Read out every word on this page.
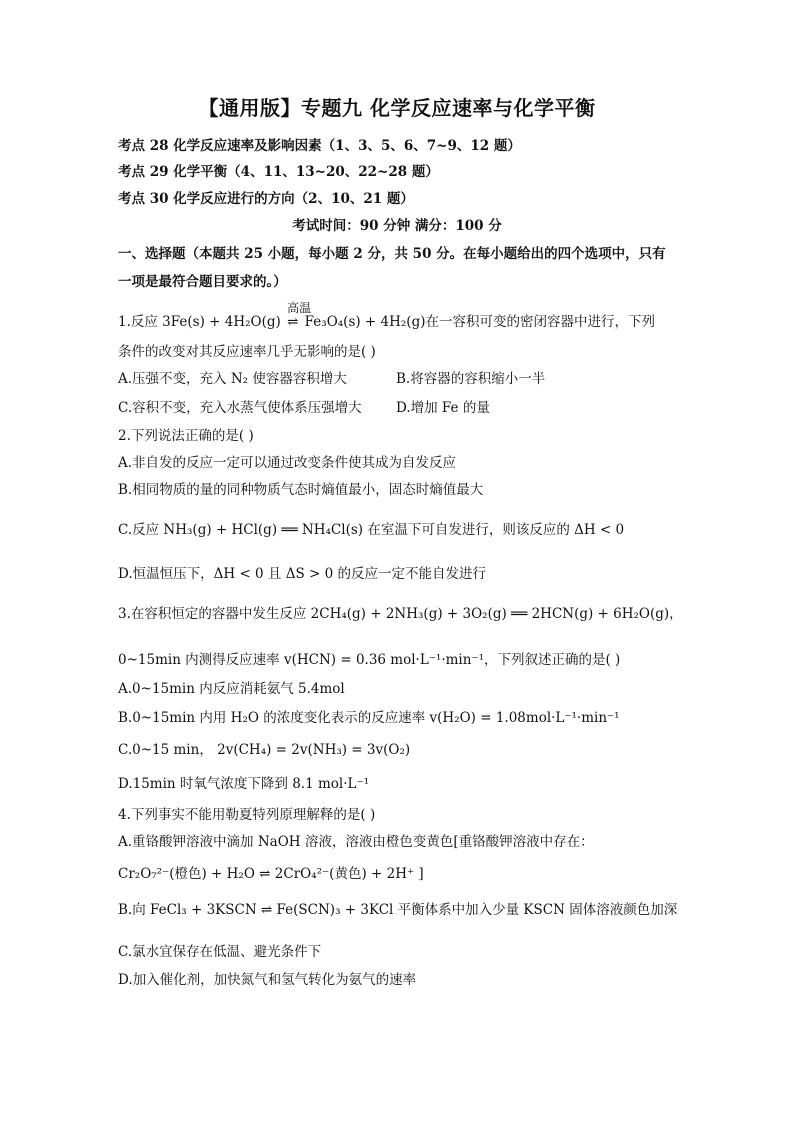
【通用版】专题九 化学反应速率与化学平衡
考点 28 化学反应速率及影响因素（1、3、5、6、7~9、12 题）
考点 29 化学平衡（4、11、13~20、22~28 题）
考点 30 化学反应进行的方向（2、10、21 题）
考试时间：90 分钟 满分：100 分
一、选择题（本题共 25 小题，每小题 2 分，共 50 分。在每小题给出的四个选项中，只有
一项是最符合题目要求的。）
1.反应 3Fe(s) + 4H₂O(g)
高温
⇌ Fe₃O₄(s) + 4H₂(g)在一容积可变的密闭容器中进行，下列
条件的改变对其反应速率几乎无影响的是( )
A.压强不变，充入 N₂ 使容器容积增大	B.将容器的容积缩小一半
C.容积不变，充入水蒸气使体系压强增大	D.增加 Fe 的量
2.下列说法正确的是( )
A.非自发的反应一定可以通过改变条件使其成为自发反应
B.相同物质的量的同种物质气态时熵值最小，固态时熵值最大
C.反应 NH₃(g) + HCl(g) ══ NH₄Cl(s) 在室温下可自发进行，则该反应的 ΔH < 0
D.恒温恒压下，ΔH < 0 且 ΔS > 0 的反应一定不能自发进行
3.在容积恒定的容器中发生反应 2CH₄(g) + 2NH₃(g) + 3O₂(g) ══ 2HCN(g) + 6H₂O(g)，
0~15min 内测得反应速率 v(HCN) = 0.36 mol·L⁻¹·min⁻¹，下列叙述正确的是( )
A.0~15min 内反应消耗氨气 5.4mol
B.0~15min 内用 H₂O 的浓度变化表示的反应速率 v(H₂O) = 1.08mol·L⁻¹·min⁻¹
C.0~15 min， 2v(CH₄) = 2v(NH₃) = 3v(O₂)
D.15min 时氧气浓度下降到 8.1 mol·L⁻¹
4.下列事实不能用勒夏特列原理解释的是( )
A.重铬酸钾溶液中滴加 NaOH 溶液，溶液由橙色变黄色[重铬酸钾溶液中存在：
Cr₂O₇²⁻(橙色) + H₂O ⇌ 2CrO₄²⁻(黄色) + 2H⁺ ]
B.向 FeCl₃ + 3KSCN ⇌ Fe(SCN)₃ + 3KCl 平衡体系中加入少量 KSCN 固体溶液颜色加深
C.氯水宜保存在低温、避光条件下
D.加入催化剂，加快氮气和氢气转化为氨气的速率
